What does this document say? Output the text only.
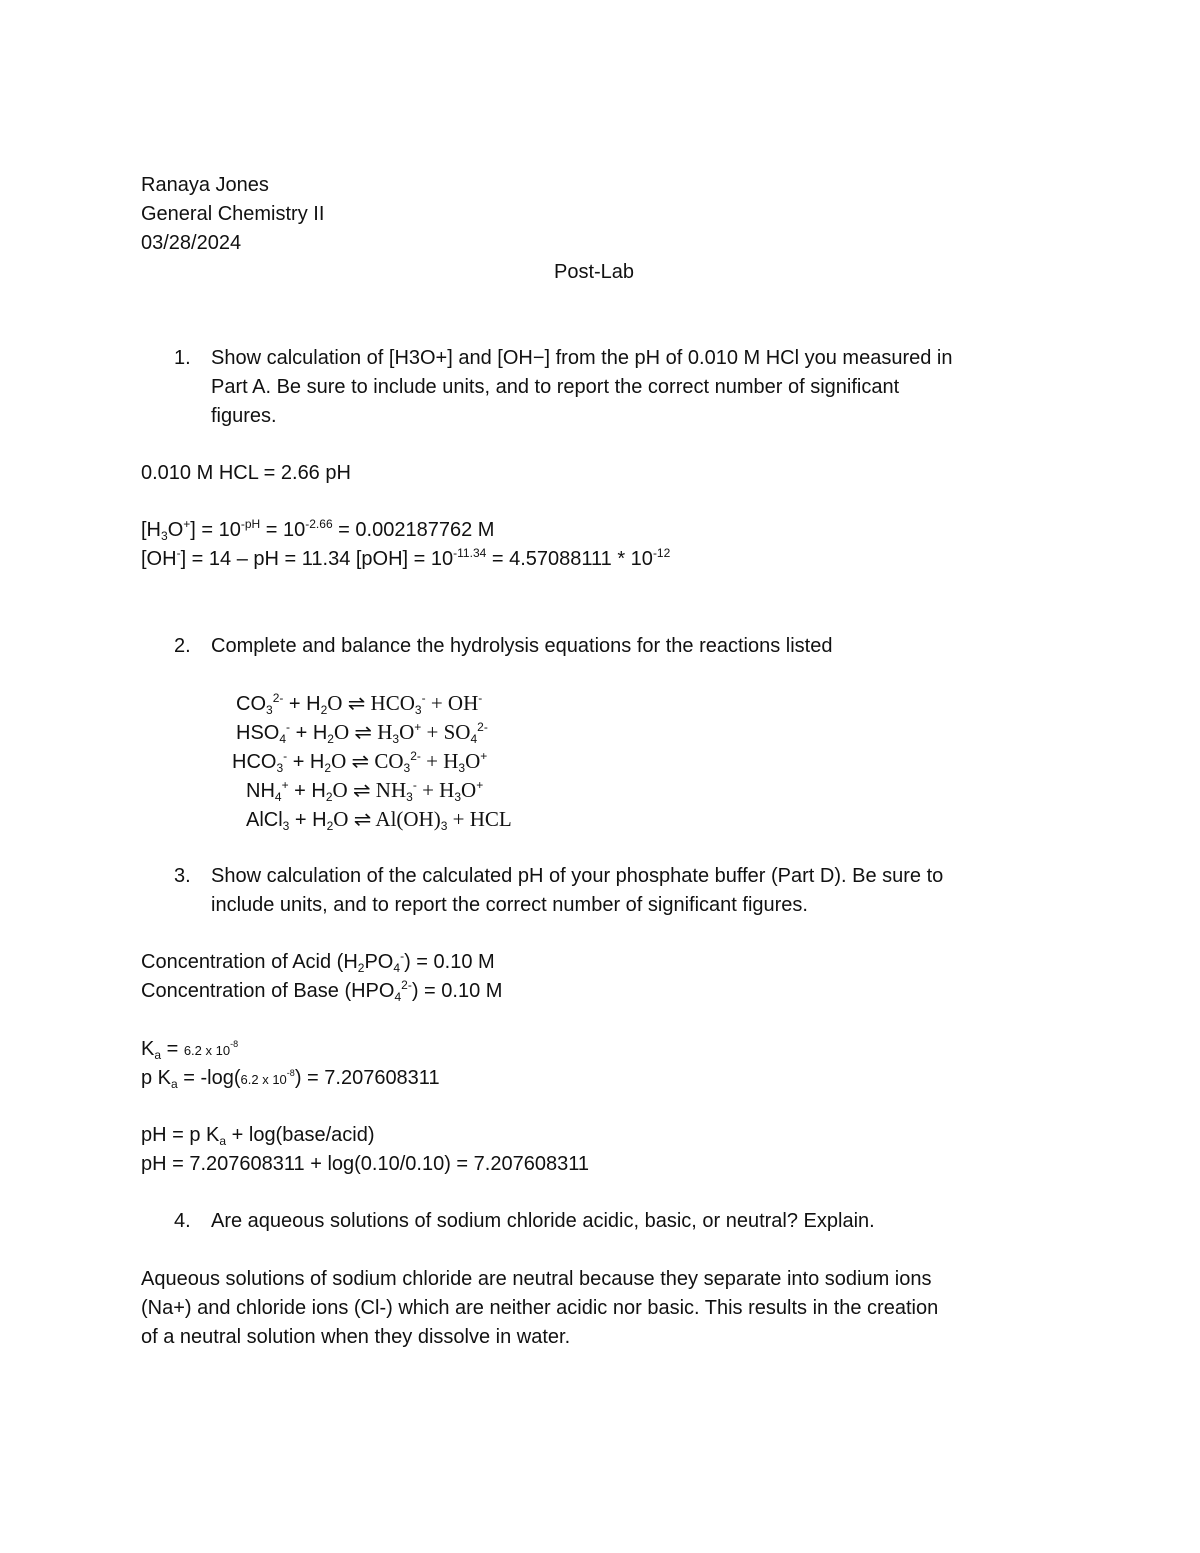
Ranaya Jones
General Chemistry II
03/28/2024
Post-Lab
1. Show calculation of [H3O+] and [OH−] from the pH of 0.010 M HCl you measured in
Part A. Be sure to include units, and to report the correct number of significant
figures.
0.010 M HCL = 2.66 pH
$[H_3O^+] = 10^{-pH} = 10^{-2.66} = 0.002187762$ M
[OH-] = 14 – pH = 11.34 $[pOH] = 10^{-11.34} = 4.57088111 * 10^{-12}$
2. Complete and balance the hydrolysis equations for the reactions listed
$CO_3^{2-} + H_2O$ ⇌ $HCO_3^- + OH^-$
$HSO_4^- + H_2O$ ⇌ $H_3O^+ + SO_4^{2-}$
$HCO_3^- + H_2O$ ⇌ $CO_3^{2-} + H_3O^+$
$NH_4^+ + H_2O$ ⇌ $NH_3^- + H_3O^+$
AlCl$_3$ + $H_2O$ ⇌ $Al(OH)_3$ + HCL
3. Show calculation of the calculated pH of your phosphate buffer (Part D). Be sure to
include units, and to report the correct number of significant figures.
Concentration of Acid $(H_2PO_4^-) = 0.10$ M
Concentration of Base $(HPO_4^{2-}) = 0.10$ M
$K_a = 6.2$ x $10^{-8}$
p $K_a = -\log(6.2$ x $10^{-8}) = 7.207608311$
pH = p $K_a$ + log(base/acid)
pH = 7.207608311 + log(0.10/0.10) = 7.207608311
4. Are aqueous solutions of sodium chloride acidic, basic, or neutral? Explain.
Aqueous solutions of sodium chloride are neutral because they separate into sodium ions
(Na+) and chloride ions (Cl-) which are neither acidic nor basic. This results in the creation
of a neutral solution when they dissolve in water.
